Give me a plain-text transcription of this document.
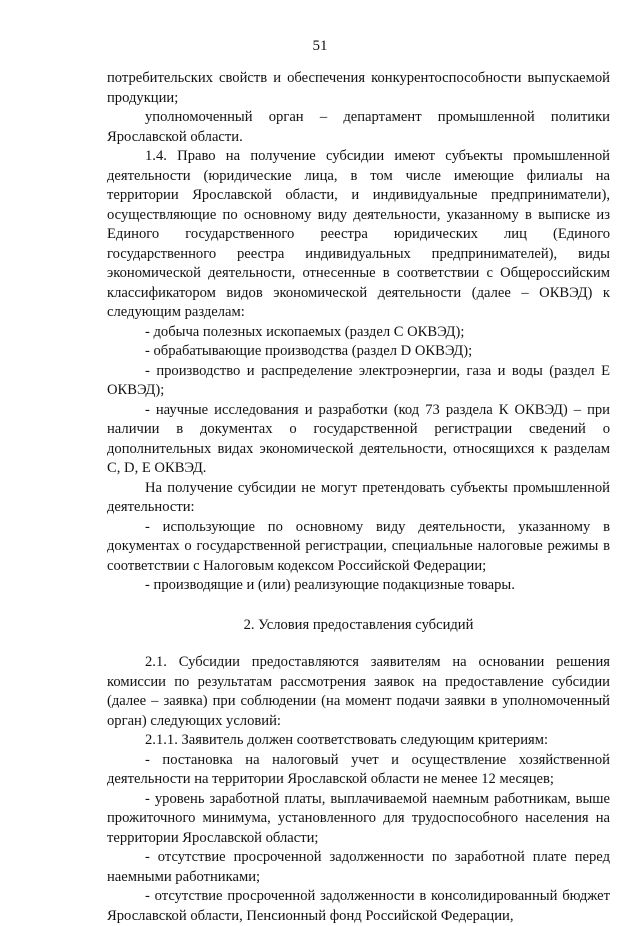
51

потребительских свойств и обеспечения конкурентоспособности выпускаемой продукции;

уполномоченный орган – департамент промышленной политики Ярославской области.

1.4. Право на получение субсидии имеют субъекты промышленной деятельности (юридические лица, в том числе имеющие филиалы на территории Ярославской области, и индивидуальные предприниматели), осуществляющие по основному виду деятельности, указанному в выписке из Единого государственного реестра юридических лиц (Единого государственного реестра индивидуальных предпринимателей), виды экономической деятельности, отнесенные в соответствии с Общероссийским классификатором видов экономической деятельности (далее – ОКВЭД) к следующим разделам:

- добыча полезных ископаемых (раздел С ОКВЭД);

- обрабатывающие производства (раздел D ОКВЭД);

- производство и распределение электроэнергии, газа и воды (раздел Е ОКВЭД);

- научные исследования и разработки (код 73 раздела К ОКВЭД) – при наличии в документах о государственной регистрации сведений о дополнительных видах экономической деятельности, относящихся к разделам С, D, Е ОКВЭД.

На получение субсидии не могут претендовать субъекты промышленной деятельности:

- использующие по основному виду деятельности, указанному в документах о государственной регистрации, специальные налоговые режимы в соответствии с Налоговым кодексом Российской Федерации;

- производящие и (или) реализующие подакцизные товары.

2. Условия предоставления субсидий

2.1. Субсидии предоставляются заявителям на основании решения комиссии по результатам рассмотрения заявок на предоставление субсидии (далее – заявка) при соблюдении (на момент подачи заявки в уполномоченный орган) следующих условий:

2.1.1. Заявитель должен соответствовать следующим критериям:

- постановка на налоговый учет и осуществление хозяйственной деятельности на территории Ярославской области не менее 12 месяцев;

- уровень заработной платы, выплачиваемой наемным работникам, выше прожиточного минимума, установленного для трудоспособного населения на территории Ярославской области;

- отсутствие просроченной задолженности по заработной плате перед наемными работниками;

- отсутствие просроченной задолженности в консолидированный бюджет Ярославской области, Пенсионный фонд Российской Федерации,
